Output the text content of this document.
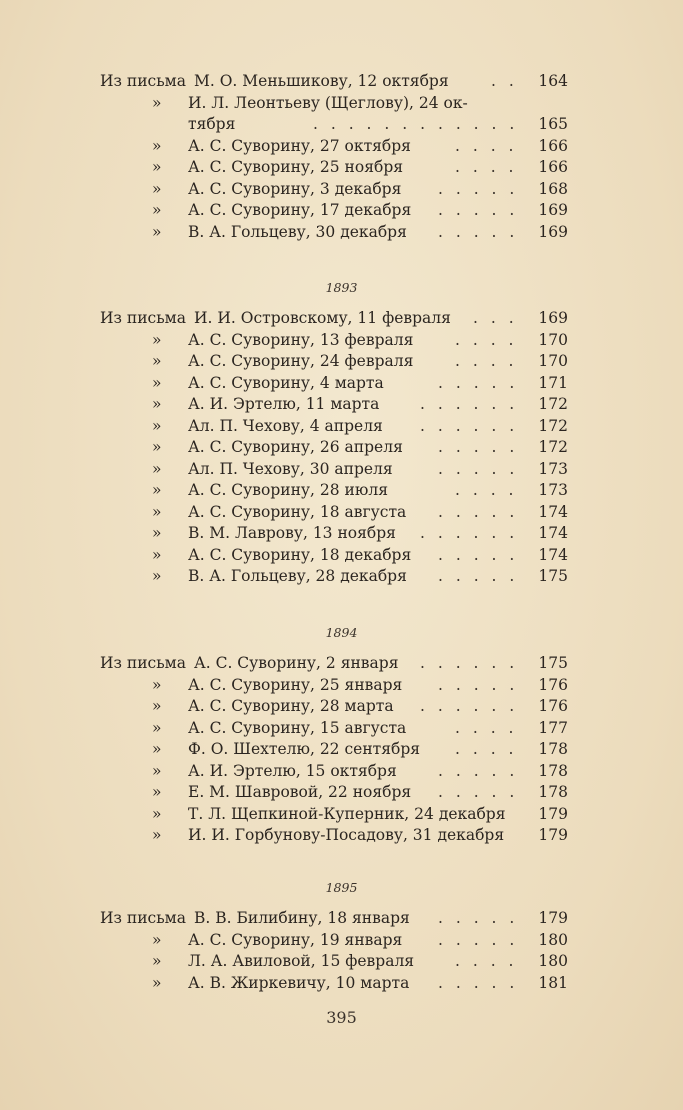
Из письма М. О. Меньшикову, 12 октября	. . 164
» И. Л. Леонтьеву (Щеглову), 24 ок-
тября	. . . . . . . . . . . . 165
» А. С. Суворину, 27 октября	. . . . 166
» А. С. Суворину, 25 ноября	. . . . 166
» А. С. Суворину, 3 декабря . . . . . 168
» А. С. Суворину, 17 декабря . . . . . 169
» В. А. Гольцеву, 30 декабря . . . . . 169
Из письма И. И. Островскому, 11 февраля . . . 169
» А. С. Суворину, 13 февраля	. . . . 170
» А. С. Суворину, 24 февраля	. . . . 170
» А. С. Суворину, 4 марта	. . . . . 171
» А. И. Эртелю, 11 марта	. . . . . . 172
» Ал. П. Чехову, 4 апреля . . . . . . 172
» А. С. Суворину, 26 апреля . . . . . 172
» Ал. П. Чехову, 30 апреля	. . . . . 173
» А. С. Суворину, 28 июля	. . . . 173
» А. С. Суворину, 18 августа . . . . . 174
» В. М. Лаврову, 13 ноября . . . . . . 174
» А. С. Суворину, 18 декабря . . . . . 174
» В. А. Гольцеву, 28 декабря . . . . . 175
Из письма А. С. Суворину, 2 января . . . . . . 175
» А. С. Суворину, 25 января . . . . . 176
» А. С. Суворину, 28 марта . . . . . . 176
» А. С. Суворину, 15 августа	. . . . 177
» Ф. О. Шехтелю, 22 сентября . . . . 178
» А. И. Эртелю, 15 октября	. . . . . 178
» Е. М. Шавровой, 22 ноября . . . . . 178
» Т. Л. Щепкиной-Куперник, 24 декабря 179
» И. И. Горбунову-Посадову, 31 декабря 179
Из письма В. В. Билибину, 18 января . . . . . 179
» А. С. Суворину, 19 января . . . . . 180
» Л. А. Авиловой, 15 февраля	. . . . 180
» А. В. Жиркевичу, 10 марта . . . . . 181
395
1893
1894
1895
